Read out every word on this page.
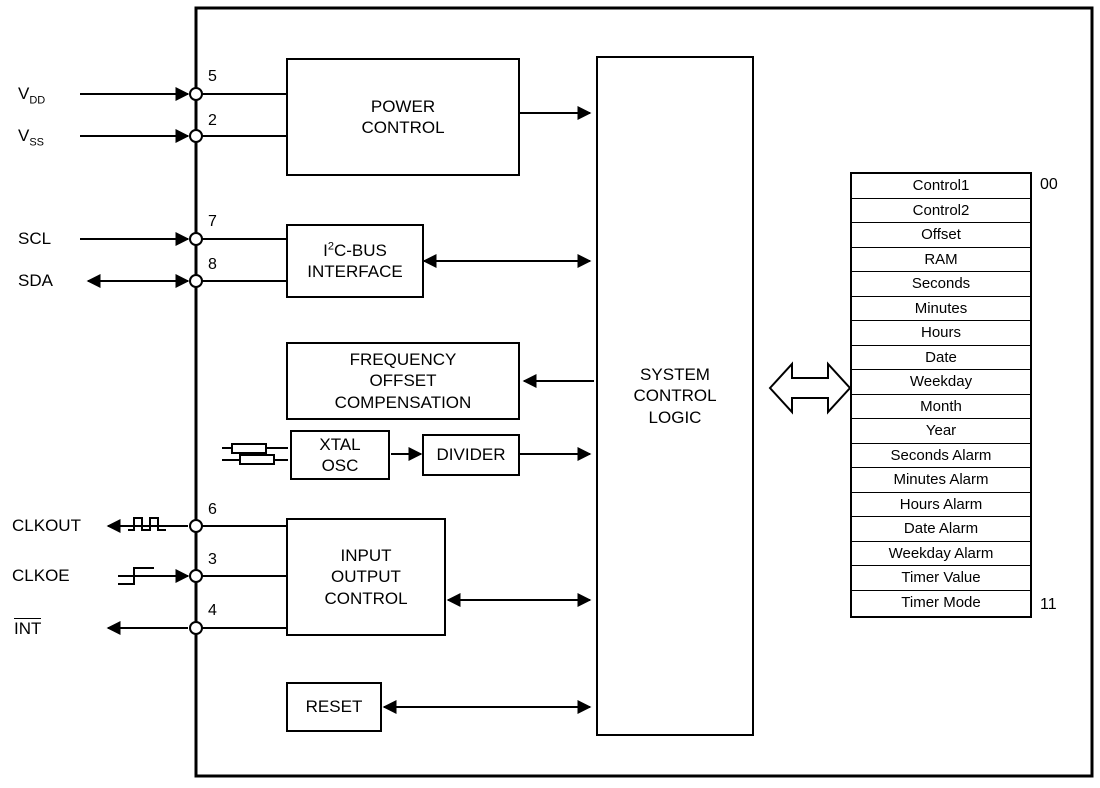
$V_{DD}$
$V_{SS}$
SCL
SDA
CLKOUT
CLKOE
INT
5
2
7
8
6
3
4
POWER
CONTROL
$I^2C$-BUS
INTERFACE
FREQUENCY
OFFSET
COMPENSATION
XTAL
OSC
DIVIDER
INPUT
OUTPUT
CONTROL
RESET
SYSTEM
CONTROL
LOGIC
Control1
Control2
Offset
RAM
Seconds
Minutes
Hours
Date
Weekday
Month
Year
Seconds Alarm
Minutes Alarm
Hours Alarm
Date Alarm
Weekday Alarm
Timer Value
Timer Mode
00
11
